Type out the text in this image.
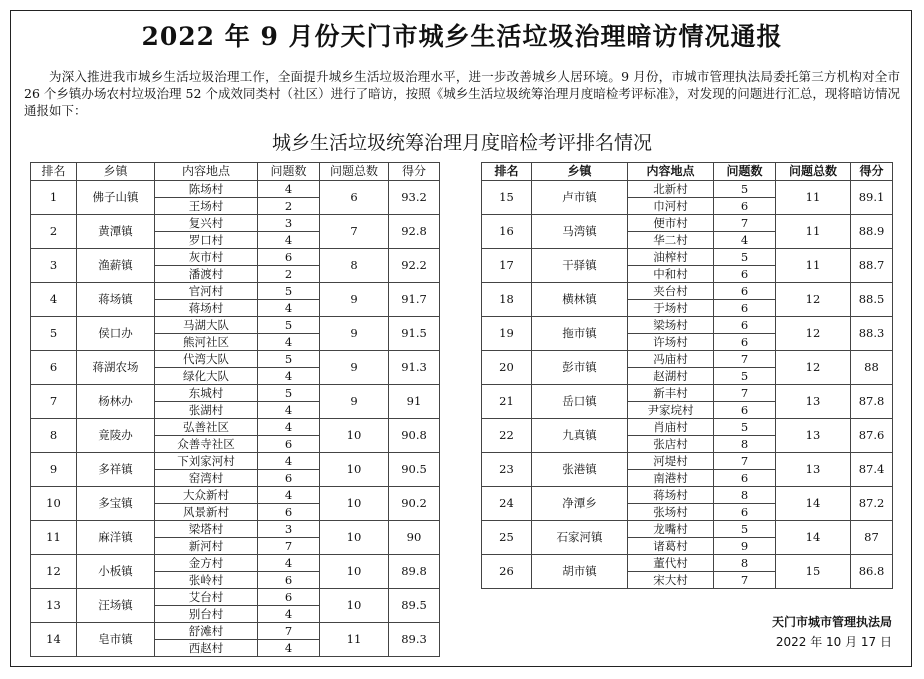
2022 年 9 月份天门市城乡生活垃圾治理暗访情况通报
为深入推进我市城乡生活垃圾治理工作，全面提升城乡生活垃圾治理水平，进一步改善城乡人居环境。9 月份，市城市管理执法局委托第三方机构对全市 26 个乡镇办场农村垃圾治理 52 个成效同类村（社区）进行了暗访，按照《城乡生活垃圾统筹治理月度暗检考评标准》，对发现的问题进行汇总，现将暗访情况通报如下：
城乡生活垃圾统筹治理月度暗检考评排名情况
排名	乡镇	内容地点	问题数	问题总数	得分
1	佛子山镇	陈场村	4	6	93.2
		王场村	2		
2	黄潭镇	复兴村	3	7	92.8
		罗口村	4		
3	渔薪镇	灰市村	6	8	92.2
		潘渡村	2		
4	蒋场镇	官河村	5	9	91.7
		蒋场村	4		
5	侯口办	马湖大队	5	9	91.5
		熊河社区	4		
6	蒋湖农场	代湾大队	5	9	91.3
		绿化大队	4		
7	杨林办	东城村	5	9	91
		张湖村	4		
8	竟陵办	弘善社区	4	10	90.8
		众善寺社区	6		
9	多祥镇	下刘家河村	4	10	90.5
		窑湾村	6		
10	多宝镇	大众新村	4	10	90.2
		风景新村	6		
11	麻洋镇	梁塔村	3	10	90
		新河村	7		
12	小板镇	金方村	4	10	89.8
		张岭村	6		
13	汪场镇	艾台村	6	10	89.5
		别台村	4		
14	皂市镇	舒滩村	7	11	89.3
		西赵村	4		
排名	乡镇	内容地点	问题数	问题总数	得分
15	卢市镇	北新村	5	11	89.1
		巾河村	6		
16	马湾镇	便市村	7	11	88.9
		华二村	4		
17	干驿镇	油榨村	5	11	88.7
		中和村	6		
18	横林镇	夹台村	6	12	88.5
		于场村	6		
19	拖市镇	梁场村	6	12	88.3
		许场村	6		
20	彭市镇	冯庙村	7	12	88
		赵湖村	5		
21	岳口镇	新丰村	7	13	87.8
		尹家垸村	6		
22	九真镇	肖庙村	5	13	87.6
		张店村	8		
23	张港镇	河堤村	7	13	87.4
		南港村	6		
24	净潭乡	蒋场村	8	14	87.2
		张场村	6		
25	石家河镇	龙嘴村	5	14	87
		诸葛村	9		
26	胡市镇	董代村	8	15	86.8
		宋大村	7		
天门市城市管理执法局
2022 年 10 月 17 日
